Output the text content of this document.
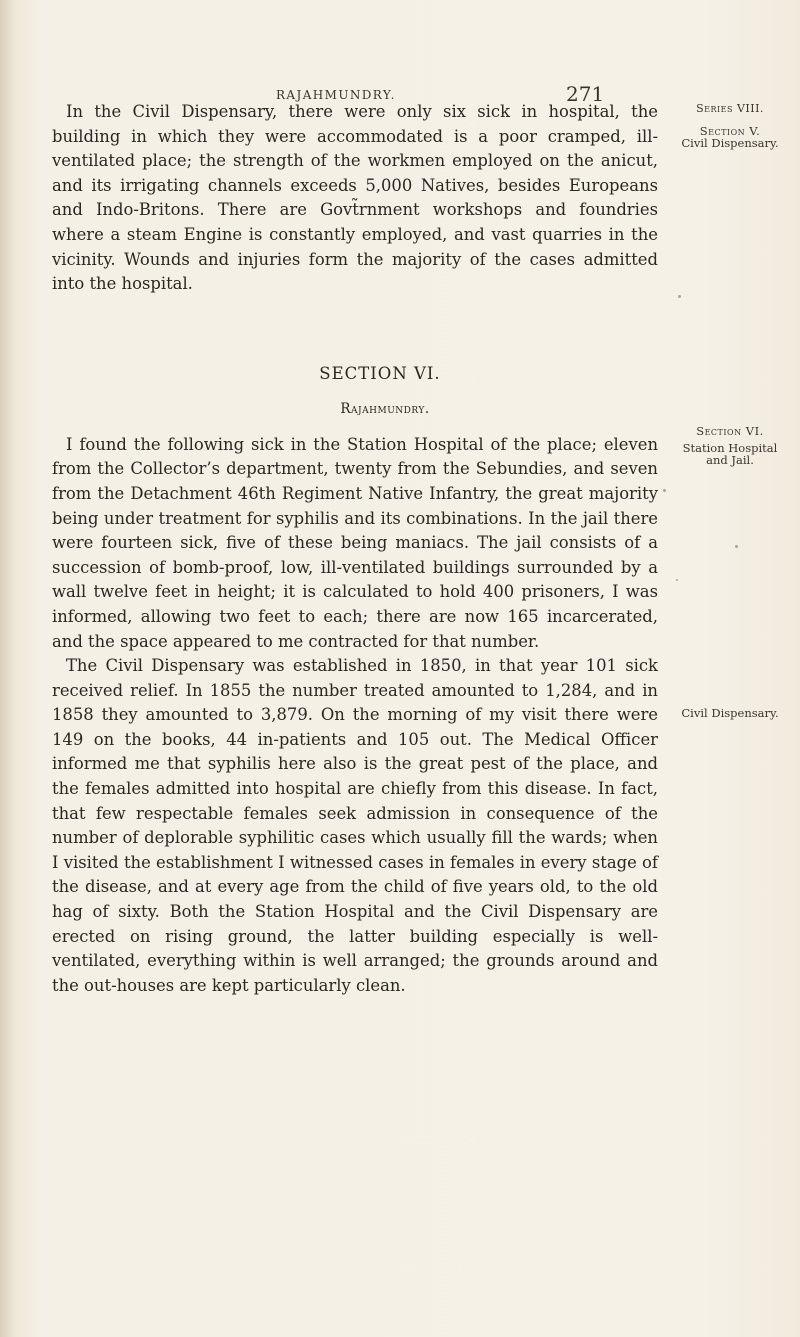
RAJAHMUNDRY.	271

In the Civil Dispensary, there were only six sick in hospital, the building in which they were accommodated is a poor cramped, ill-ventilated place; the strength of the workmen employed on the anicut, and its irrigating channels exceeds 5,000 Natives, besides Europeans and Indo-Britons. There are Govt̃rnment workshops and foundries where a steam Engine is constantly employed, and vast quarries in the vicinity. Wounds and injuries form the majority of the cases admitted into the hospital.

SECTION VI.
Rajahmundry.

I found the following sick in the Station Hospital of the place; eleven from the Collector’s department, twenty from the Sebundies, and seven from the Detachment 46th Regiment Native Infantry, the great majority being under treatment for syphilis and its combinations. In the jail there were fourteen sick, five of these being maniacs. The jail consists of a succession of bomb-proof, low, ill-ventilated buildings surrounded by a wall twelve feet in height; it is calculated to hold 400 prisoners, I was informed, allowing two feet to each; there are now 165 incarcerated, and the space appeared to me contracted for that number.

The Civil Dispensary was established in 1850, in that year 101 sick received relief. In 1855 the number treated amounted to 1,284, and in 1858 they amounted to 3,879. On the morning of my visit there were 149 on the books, 44 in-patients and 105 out. The Medical Officer informed me that syphilis here also is the great pest of the place, and the females admitted into hospital are chiefly from this disease. In fact, that few respectable females seek admission in consequence of the number of deplorable syphilitic cases which usually fill the wards; when I visited the establishment I witnessed cases in females in every stage of the disease, and at every age from the child of five years old, to the old hag of sixty. Both the Station Hospital and the Civil Dispensary are erected on rising ground, the latter building especially is well-ventilated, everything within is well arranged; the grounds around and the out-houses are kept particularly clean.

Series VIII.
Section V.
Civil Dispensary.
Section VI.
Station Hospital
and Jail.
Civil Dispensary.
